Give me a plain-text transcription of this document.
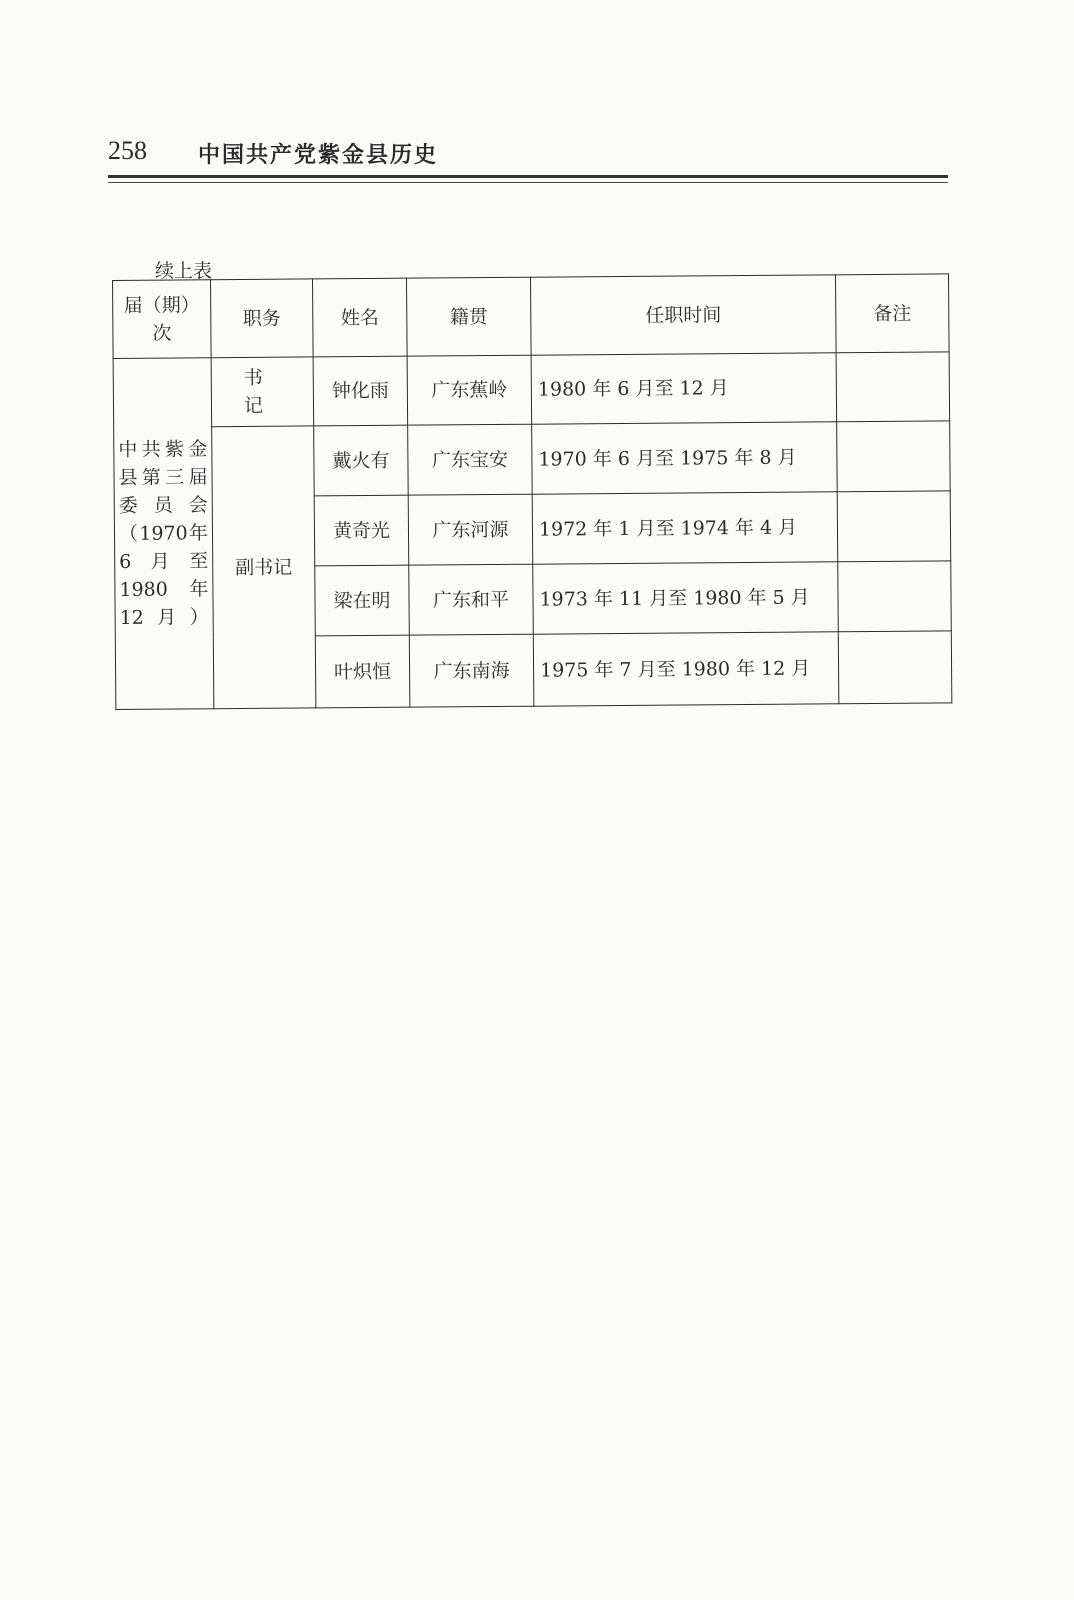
258 中国共产党紫金县历史
续上表
届（期）次	职务	姓名	籍贯	任职时间	备注
中共紫金县第三届委员会（1970年6月至1980年12月）	书 记	钟化雨	广东蕉岭	1980 年 6 月至 12 月	
	副书记	戴火有	广东宝安	1970 年 6 月至 1975 年 8 月	
		黄奇光	广东河源	1972 年 1 月至 1974 年 4 月	
		梁在明	广东和平	1973 年 11 月至 1980 年 5 月	
		叶炽恒	广东南海	1975 年 7 月至 1980 年 12 月	
